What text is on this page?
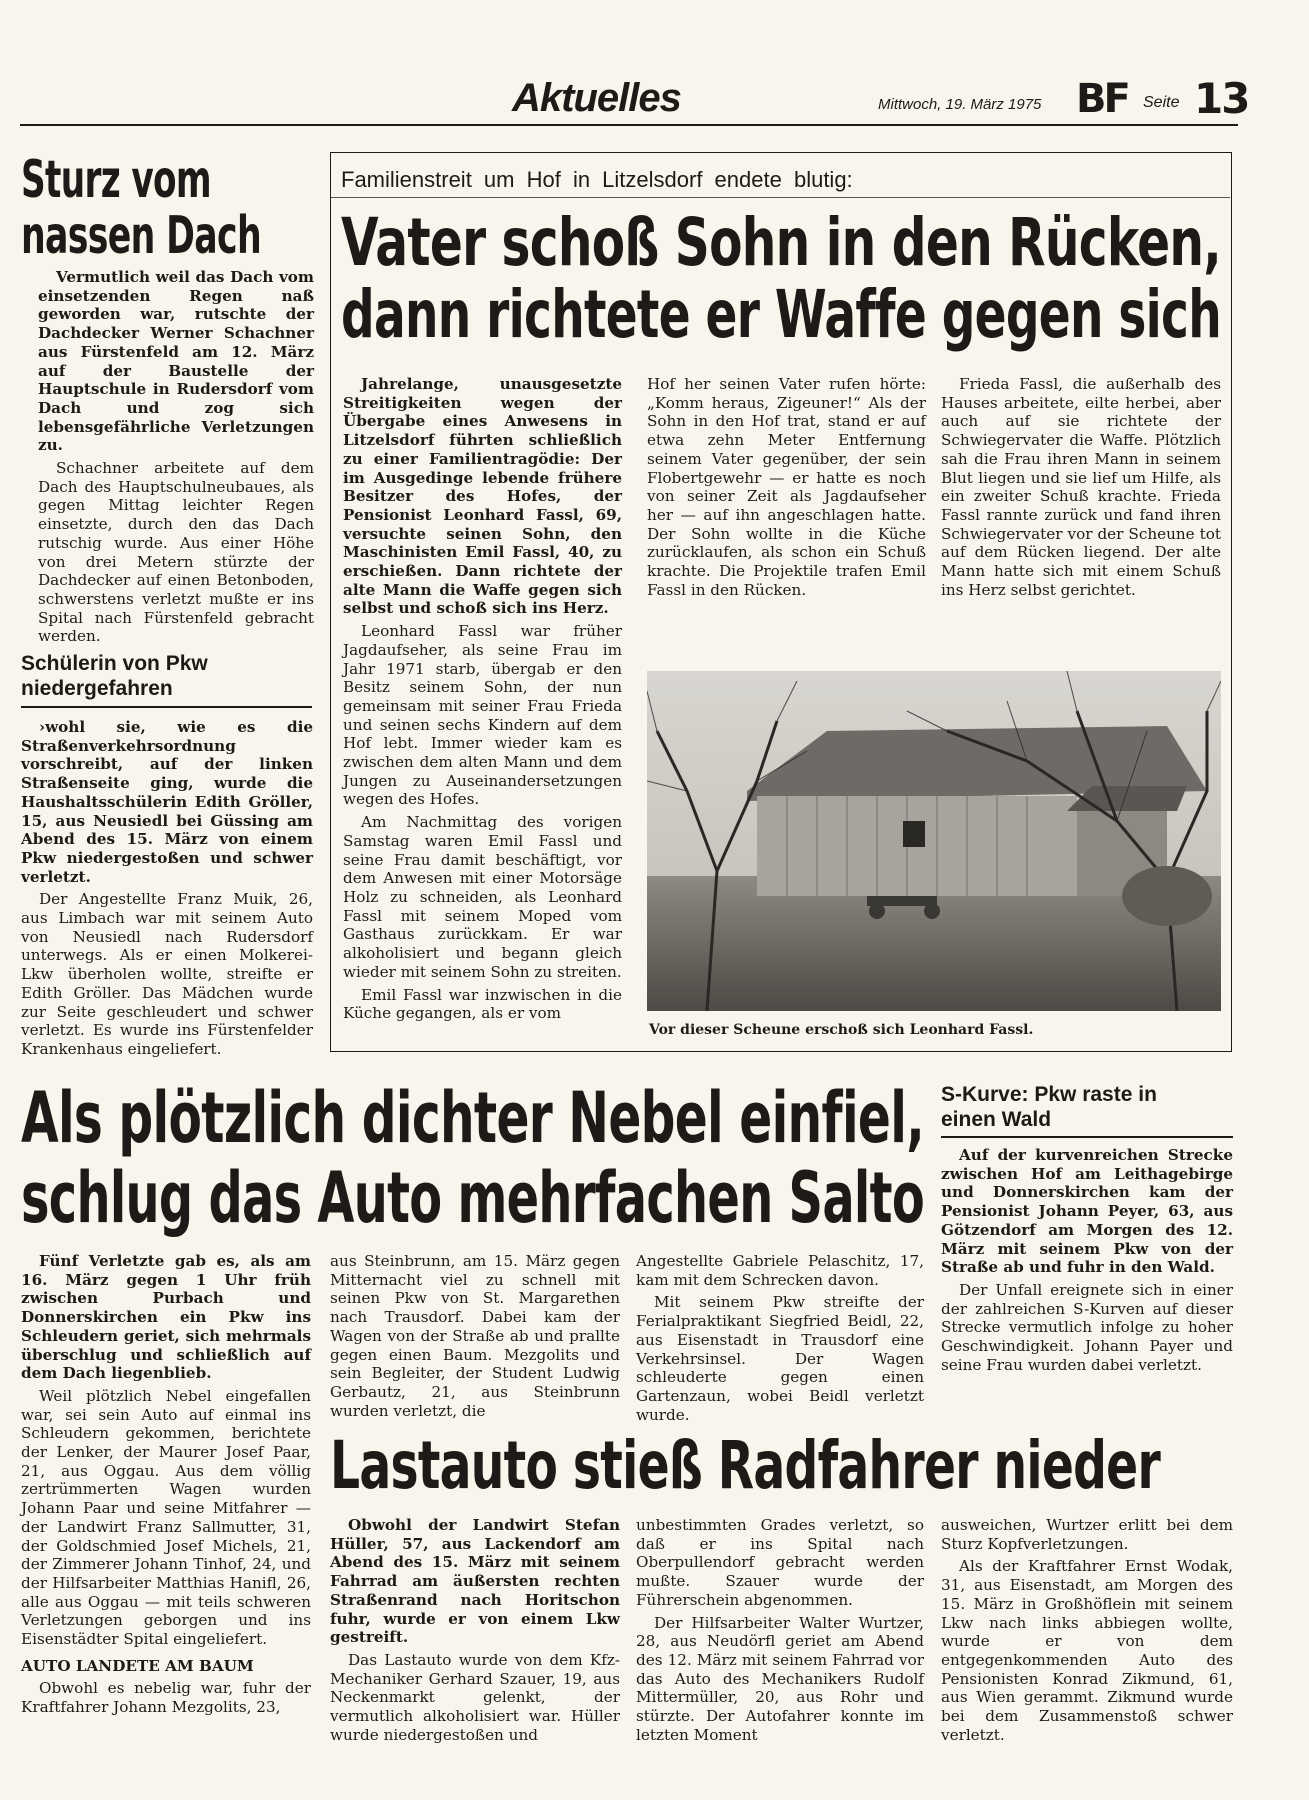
Aktuelles	Mittwoch, 19. März 1975 BF Seite 13
Sturz vom
nassen Dach

Vermutlich weil das Dach vom einsetzenden Regen naß geworden war, rutschte der Dachdecker Werner Schachner aus Fürstenfeld am 12. März auf der Baustelle der Hauptschule in Rudersdorf vom Dach und zog sich lebensgefährliche Verletzungen zu.

Schachner arbeitete auf dem Dach des Hauptschulneubaues, als gegen Mittag leichter Regen einsetzte, durch den das Dach rutschig wurde. Aus einer Höhe von drei Metern stürzte der Dachdecker auf einen Betonboden, schwerstens verletzt mußte er ins Spital nach Fürstenfeld gebracht werden.

Schülerin von Pkw niedergefahren

›wohl sie, wie es die Straßenverkehrsordnung vorschreibt, auf der linken Straßenseite ging, wurde die Haushaltsschülerin Edith Gröller, 15, aus Neusiedl bei Güssing am Abend des 15. März von einem Pkw niedergestoßen und schwer verletzt.

Der Angestellte Franz Muik, 26, aus Limbach war mit seinem Auto von Neusiedl nach Rudersdorf unterwegs. Als er einen Molkerei-Lkw überholen wollte, streifte er Edith Gröller. Das Mädchen wurde zur Seite geschleudert und schwer verletzt. Es wurde ins Fürstenfelder Krankenhaus eingeliefert.

Familienstreit um Hof in Litzelsdorf endete blutig:
Vater schoß Sohn in den Rücken,
dann richtete er Waffe gegen sich

Jahrelange, unausgesetzte Streitigkeiten wegen der Übergabe eines Anwesens in Litzelsdorf führten schließlich zu einer Familientragödie: Der im Ausgedinge lebende frühere Besitzer des Hofes, der Pensionist Leonhard Fassl, 69, versuchte seinen Sohn, den Maschinisten Emil Fassl, 40, zu erschießen. Dann richtete der alte Mann die Waffe gegen sich selbst und schoß sich ins Herz.

Leonhard Fassl war früher Jagdaufseher, als seine Frau im Jahr 1971 starb, übergab er den Besitz seinem Sohn, der nun gemeinsam mit seiner Frau Frieda und seinen sechs Kindern auf dem Hof lebt. Immer wieder kam es zwischen dem alten Mann und dem Jungen zu Auseinandersetzungen wegen des Hofes.

Am Nachmittag des vorigen Samstag waren Emil Fassl und seine Frau damit beschäftigt, vor dem Anwesen mit einer Motorsäge Holz zu schneiden, als Leonhard Fassl mit seinem Moped vom Gasthaus zurückkam. Er war alkoholisiert und begann gleich wieder mit seinem Sohn zu streiten.

Emil Fassl war inzwischen in die Küche gegangen, als er vom

Hof her seinen Vater rufen hörte: „Komm heraus, Zigeuner!“ Als der Sohn in den Hof trat, stand er auf etwa zehn Meter Entfernung seinem Vater gegenüber, der sein Flobertgewehr — er hatte es noch von seiner Zeit als Jagdaufseher her — auf ihn angeschlagen hatte. Der Sohn wollte in die Küche zurücklaufen, als schon ein Schuß krachte. Die Projektile trafen Emil Fassl in den Rücken.

Frieda Fassl, die außerhalb des Hauses arbeitete, eilte herbei, aber auch auf sie richtete der Schwiegervater die Waffe. Plötzlich sah die Frau ihren Mann in seinem Blut liegen und sie lief um Hilfe, als ein zweiter Schuß krachte. Frieda Fassl rannte zurück und fand ihren Schwiegervater vor der Scheune tot auf dem Rücken liegend. Der alte Mann hatte sich mit einem Schuß ins Herz selbst gerichtet.

Vor dieser Scheune erschoß sich Leonhard Fassl.
Als plötzlich dichter Nebel einfiel,
schlug das Auto mehrfachen Salto

Fünf Verletzte gab es, als am 16. März gegen 1 Uhr früh zwischen Purbach und Donnerskirchen ein Pkw ins Schleudern geriet, sich mehrmals überschlug und schließlich auf dem Dach liegenblieb.

Weil plötzlich Nebel eingefallen war, sei sein Auto auf einmal ins Schleudern gekommen, berichtete der Lenker, der Maurer Josef Paar, 21, aus Oggau. Aus dem völlig zertrümmerten Wagen wurden Johann Paar und seine Mitfahrer — der Landwirt Franz Sallmutter, 31, der Goldschmied Josef Michels, 21, der Zimmerer Johann Tinhof, 24, und der Hilfsarbeiter Matthias Hanifl, 26, alle aus Oggau — mit teils schweren Verletzungen geborgen und ins Eisenstädter Spital eingeliefert.

AUTO LANDETE AM BAUM

Obwohl es nebelig war, fuhr der Kraftfahrer Johann Mezgolits, 23,

aus Steinbrunn, am 15. März gegen Mitternacht viel zu schnell mit seinen Pkw von St. Margarethen nach Trausdorf. Dabei kam der Wagen von der Straße ab und prallte gegen einen Baum. Mezgolits und sein Begleiter, der Student Ludwig Gerbautz, 21, aus Steinbrunn wurden verletzt, die

Angestellte Gabriele Pelaschitz, 17, kam mit dem Schrecken davon.

Mit seinem Pkw streifte der Ferialpraktikant Siegfried Beidl, 22, aus Eisenstadt in Trausdorf eine Verkehrsinsel. Der Wagen schleuderte gegen einen Gartenzaun, wobei Beidl verletzt wurde.

S-Kurve: Pkw raste in einen Wald

Auf der kurvenreichen Strecke zwischen Hof am Leithagebirge und Donnerskirchen kam der Pensionist Johann Peyer, 63, aus Götzendorf am Morgen des 12. März mit seinem Pkw von der Straße ab und fuhr in den Wald.

Der Unfall ereignete sich in einer der zahlreichen S-Kurven auf dieser Strecke vermutlich infolge zu hoher Geschwindigkeit. Johann Payer und seine Frau wurden dabei verletzt.

Lastauto stieß Radfahrer nieder

Obwohl der Landwirt Stefan Hüller, 57, aus Lackendorf am Abend des 15. März mit seinem Fahrrad am äußersten rechten Straßenrand nach Horitschon fuhr, wurde er von einem Lkw gestreift.

Das Lastauto wurde von dem Kfz-Mechaniker Gerhard Szauer, 19, aus Neckenmarkt gelenkt, der vermutlich alkoholisiert war. Hüller wurde niedergestoßen und

unbestimmten Grades verletzt, so daß er ins Spital nach Oberpullendorf gebracht werden mußte. Szauer wurde der Führerschein abgenommen.

Der Hilfsarbeiter Walter Wurtzer, 28, aus Neudörfl geriet am Abend des 12. März mit seinem Fahrrad vor das Auto des Mechanikers Rudolf Mittermüller, 20, aus Rohr und stürzte. Der Autofahrer konnte im letzten Moment

ausweichen, Wurtzer erlitt bei dem Sturz Kopfverletzungen.

Als der Kraftfahrer Ernst Wodak, 31, aus Eisenstadt, am Morgen des 15. März in Großhöflein mit seinem Lkw nach links abbiegen wollte, wurde er von dem entgegenkommenden Auto des Pensionisten Konrad Zikmund, 61, aus Wien gerammt. Zikmund wurde bei dem Zusammenstoß schwer verletzt.
